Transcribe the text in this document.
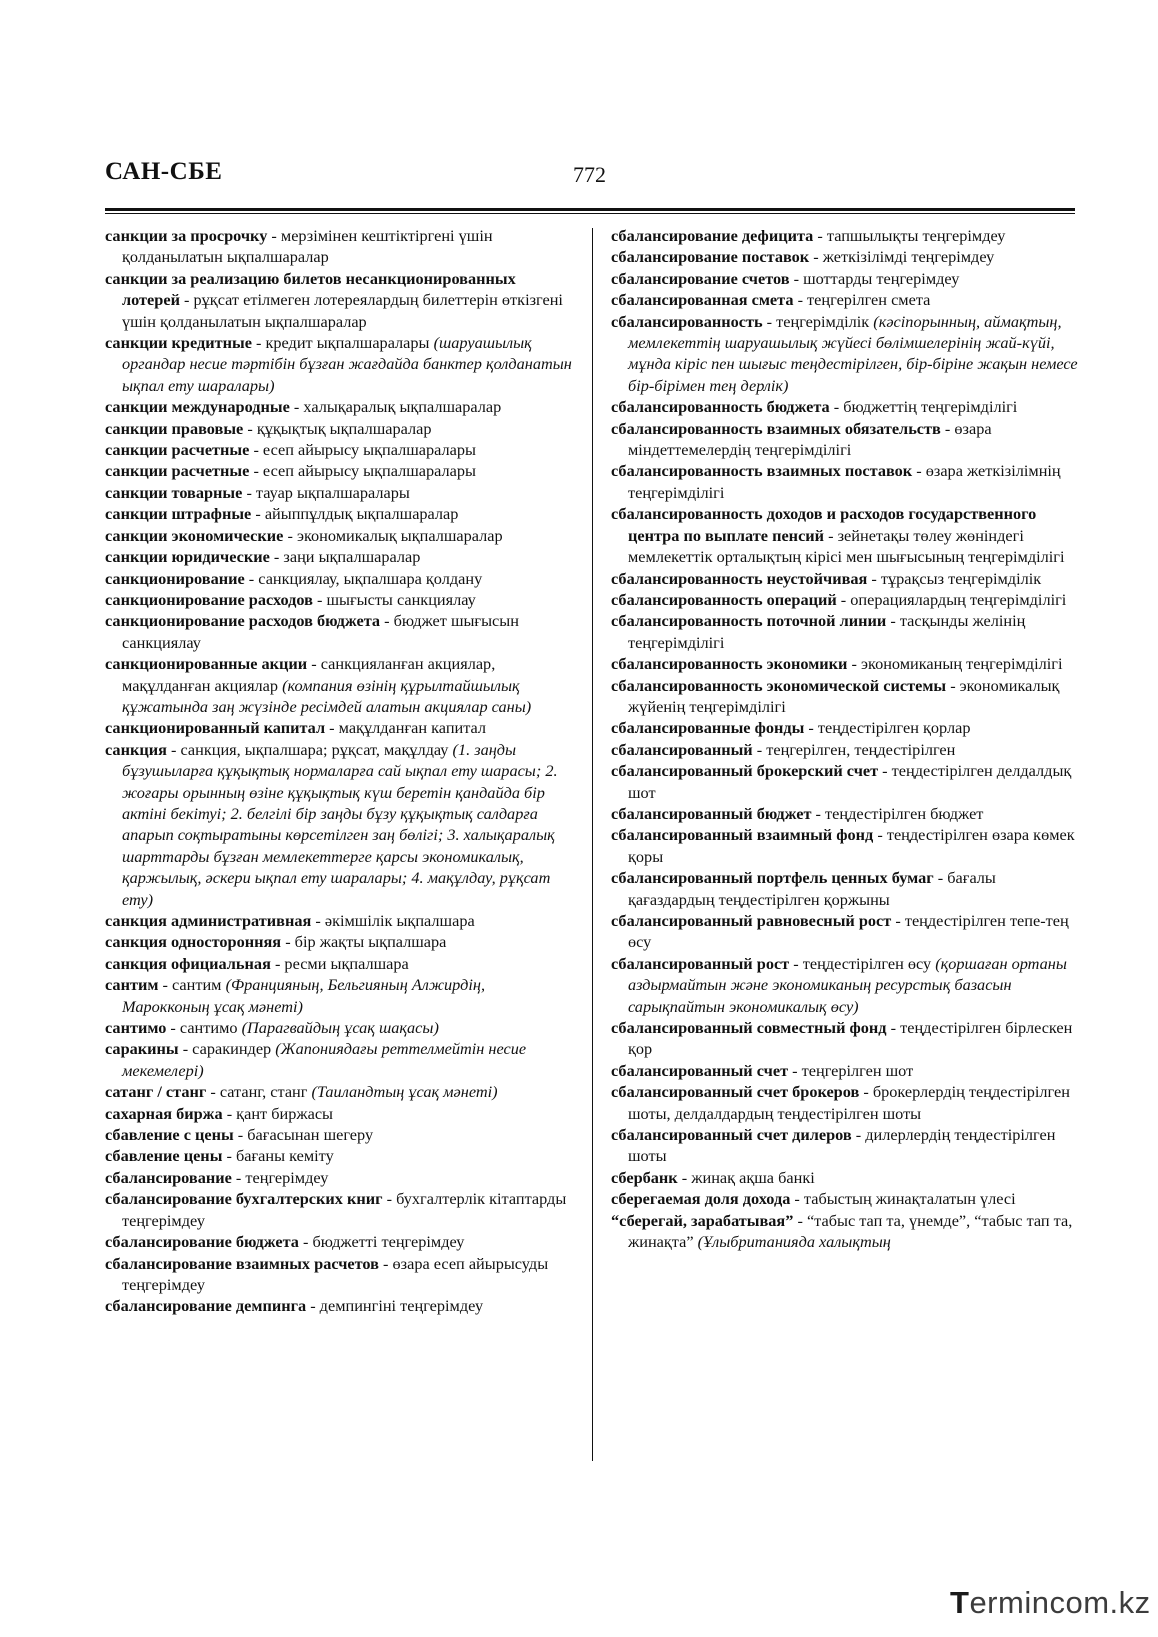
САН-СБЕ	772

санкции за просрочку - мерзімінен кештіктіргені үшін қолданылатын ықпалшаралар

санкции за реализацию билетов несанкционированных лотерей - рұқсат етілмеген лотереялардың билеттерін өткізгені үшін қолданылатын ықпалшаралар

санкции кредитные - кредит ықпалшаралары (шаруашылық органдар несие тәртібін бұзған жағдайда банктер қолданатын ықпал ету шаралары)

санкции международные - халықаралық ықпалшаралар

санкции правовые - құқықтық ықпалшаралар

санкции расчетные - есеп айырысу ықпалшаралары

санкции расчетные - есеп айырысу ықпалшаралары

санкции товарные - тауар ықпалшаралары

санкции штрафные - айыппұлдық ықпалшаралар

санкции экономические - экономикалық ықпалшаралар

санкции юридические - заңи ықпалшаралар

санкционирование - санкциялау, ықпалшара қолдану

санкционирование расходов - шығысты санкциялау

санкционирование расходов бюджета - бюджет шығысын санкциялау

санкционированные акции - санкцияланған акциялар, мақұлданған акциялар (компания өзінің құрылтайшылық құжатында заң жүзінде ресімдей алатын акциялар саны)

санкционированный капитал - мақұлданған капитал

санкция - санкция, ықпалшара; рұқсат, мақұлдау (1. заңды бұзушыларға құқықтық нормаларға сай ықпал ету шарасы; 2. жоғары орынның өзіне құқықтық күш беретін қандайда бір актіні бекітуі; 2. белгілі бір заңды бұзу құқықтық салдарға апарып соқтыратыны көрсетілген заң бөлігі; 3. халықаралық шарттарды бұзған мемлекеттерге қарсы экономикалық, қаржылық, әскери ықпал ету шаралары; 4. мақұлдау, рұқсат ету)

санкция административная - әкімшілік ықпалшара

санкция односторонняя - бір жақты ықпалшара

санкция официальная - ресми ықпалшара

сантим - сантим (Францияның, Бельгияның Алжирдің, Марокконың ұсақ мәнеті)

сантимо - сантимо (Парагвайдың ұсақ шақасы)

саракины - саракиндер (Жапониядағы реттелмейтін несие мекемелері)

сатанг / станг - сатанг, станг (Таиландтың ұсақ мәнеті)

сахарная биржа - қант биржасы

сбавление с цены - бағасынан шегеру

сбавление цены - бағаны кеміту

сбалансирование - теңгерімдеу

сбалансирование бухгалтерских книг - бухгалтерлік кітаптарды теңгерімдеу

сбалансирование бюджета - бюджетті теңгерімдеу

сбалансирование взаимных расчетов - өзара есеп айырысуды теңгерімдеу

сбалансирование демпинга - демпингіні теңгерімдеу

сбалансирование дефицита - тапшылықты теңгерімдеу

сбалансирование поставок - жеткізілімді теңгерімдеу

сбалансирование счетов - шоттарды теңгерімдеу

сбалансированная смета - теңгерілген смета

сбалансированность - теңгерімділік (кәсіпорынның, аймақтың, мемлекеттің шаруашылық жүйесі бөлімшелерінің жай-күйі, мұнда кіріс пен шығыс теңдестірілген, бір-біріне жақын немесе бір-бірімен тең дерлік)

сбалансированность бюджета - бюджеттің теңгерімділігі

сбалансированность взаимных обязательств - өзара міндеттемелердің теңгерімділігі

сбалансированность взаимных поставок - өзара жеткізілімнің теңгерімділігі

сбалансированность доходов и расходов государственного центра по выплате пенсий - зейнетақы төлеу жөніндегі мемлекеттік орталықтың кірісі мен шығысының теңгерімділігі

сбалансированность неустойчивая - тұрақсыз теңгерімділік

сбалансированность операций - операциялардың теңгерімділігі

сбалансированность поточной линии - тасқынды желінің теңгерімділігі

сбалансированность экономики - экономиканың теңгерімділігі

сбалансированность экономической системы - экономикалық жүйенің теңгерімділігі

сбалансированные фонды - теңдестірілген қорлар

сбалансированный - теңгерілген, теңдестірілген

сбалансированный брокерский счет - теңдестірілген делдалдық шот

сбалансированный бюджет - теңдестірілген бюджет

сбалансированный взаимный фонд - теңдестірілген өзара көмек қоры

сбалансированный портфель ценных бумаг - бағалы қағаздардың теңдестірілген қоржыны

сбалансированный равновесный рост - теңдестірілген тепе-тең өсу

сбалансированный рост - теңдестірілген өсу (қоршаған ортаны аздырмайтын және экономиканың ресурстық базасын сарықпайтын экономикалық өсу)

сбалансированный совместный фонд - теңдестірілген бірлескен қор

сбалансированный счет - теңгерілген шот

сбалансированный счет брокеров - брокерлердің теңдестірілген шоты, делдалдардың теңдестірілген шоты

сбалансированный счет дилеров - дилерлердің теңдестірілген шоты

сбербанк - жинақ ақша банкі

сберегаемая доля дохода - табыстың жинақталатын үлесі

“сберегай, зарабатывая” - “табыс тап та, үнемде”, “табыс тап та, жинақта” (Ұлыбританияда халықтың

Termincom.kz
